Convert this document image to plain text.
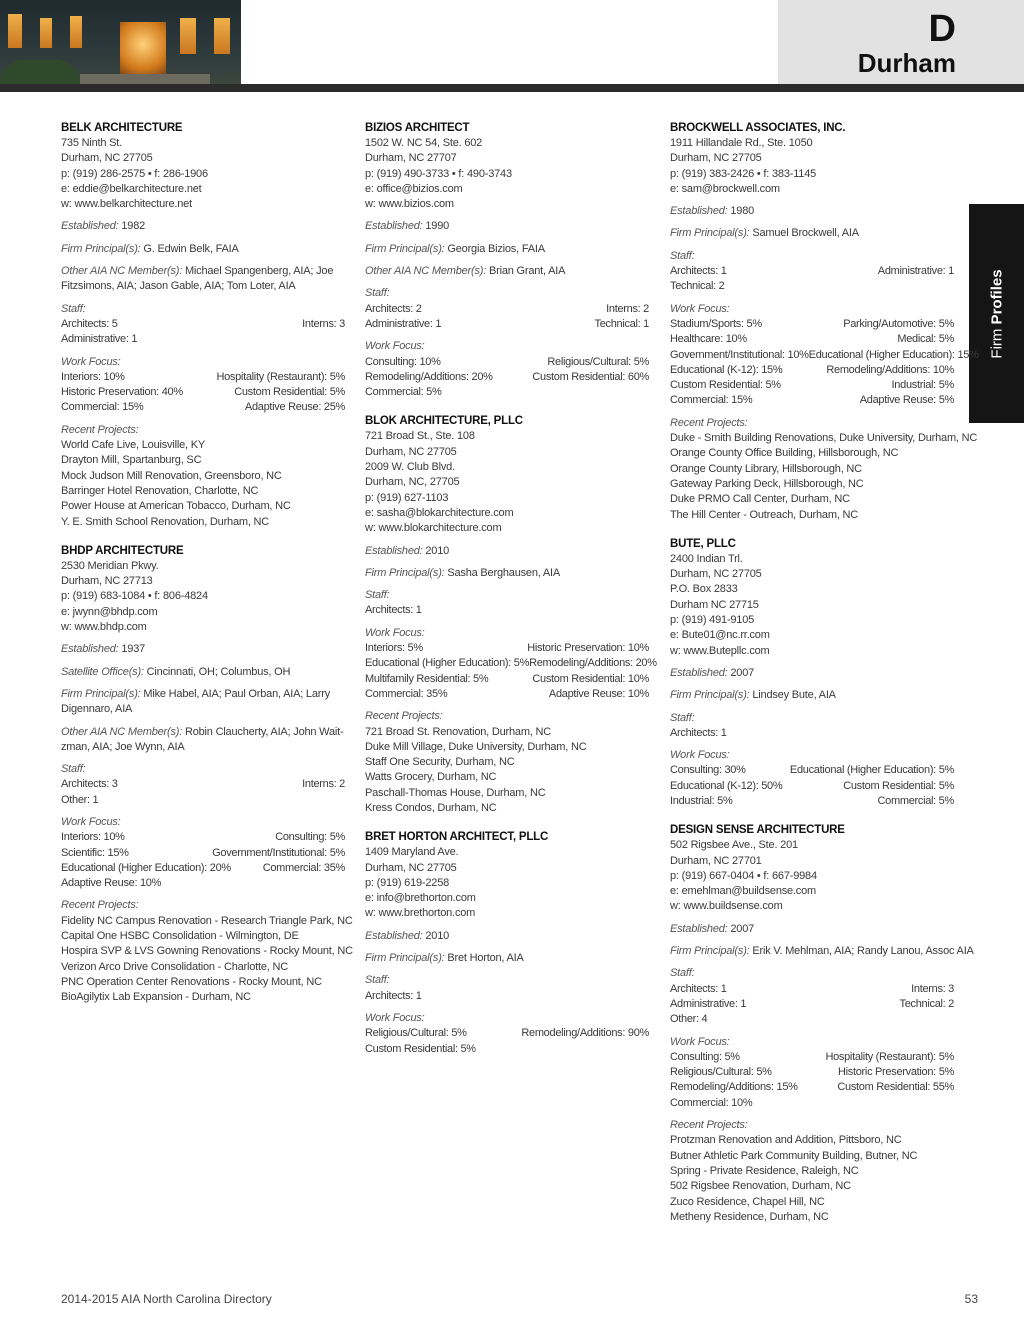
D
Durham
Firm Profiles
BELK ARCHITECTURE
735 Ninth St.
Durham, NC 27705
p: (919) 286-2575 • f: 286-1906
e: eddie@belkarchitecture.net
w: www.belkarchitecture.net
Established: 1982
Firm Principal(s): G. Edwin Belk, FAIA
Other AIA NC Member(s): Michael Spangenberg, AIA; Joe
Fitzsimons, AIA; Jason Gable, AIA; Tom Loter, AIA
Staff:
Architects: 5	Interns: 3
Administrative: 1
Work Focus:
Interiors: 10%	Hospitality (Restaurant): 5%
Historic Preservation: 40%	Custom Residential: 5%
Commercial: 15%	Adaptive Reuse: 25%
Recent Projects:
World Cafe Live, Louisville, KY
Drayton Mill, Spartanburg, SC
Mock Judson Mill Renovation, Greensboro, NC
Barringer Hotel Renovation, Charlotte, NC
Power House at American Tobacco, Durham, NC
Y. E. Smith School Renovation, Durham, NC
BHDP ARCHITECTURE
2530 Meridian Pkwy.
Durham, NC 27713
p: (919) 683-1084 • f: 806-4824
e: jwynn@bhdp.com
w: www.bhdp.com
Established: 1937
Satellite Office(s): Cincinnati, OH; Columbus, OH
Firm Principal(s): Mike Habel, AIA; Paul Orban, AIA; Larry
Digennaro, AIA
Other AIA NC Member(s): Robin Claucherty, AIA; John Wait-
zman, AIA; Joe Wynn, AIA
Staff:
Architects: 3	Interns: 2
Other: 1
Work Focus:
Interiors: 10%	Consulting: 5%
Scientific: 15%	Government/Institutional: 5%
Educational (Higher Education): 20%	Commercial: 35%
Adaptive Reuse: 10%
Recent Projects:
Fidelity NC Campus Renovation - Research Triangle Park, NC
Capital One HSBC Consolidation - Wilmington, DE
Hospira SVP & LVS Gowning Renovations - Rocky Mount, NC
Verizon Arco Drive Consolidation - Charlotte, NC
PNC Operation Center Renovations - Rocky Mount, NC
BioAgilytix Lab Expansion - Durham, NC
BIZIOS ARCHITECT
1502 W. NC 54, Ste. 602
Durham, NC 27707
p: (919) 490-3733 • f: 490-3743
e: office@bizios.com
w: www.bizios.com
Established: 1990
Firm Principal(s): Georgia Bizios, FAIA
Other AIA NC Member(s): Brian Grant, AIA
Staff:
Architects: 2	Interns: 2
Administrative: 1	Technical: 1
Work Focus:
Consulting: 10%	Religious/Cultural: 5%
Remodeling/Additions: 20%	Custom Residential: 60%
Commercial: 5%
BLOK ARCHITECTURE, PLLC
721 Broad St., Ste. 108
Durham, NC 27705
2009 W. Club Blvd.
Durham, NC, 27705
p: (919) 627-1103
e: sasha@blokarchitecture.com
w: www.blokarchitecture.com
Established: 2010
Firm Principal(s): Sasha Berghausen, AIA
Staff:
Architects: 1
Work Focus:
Interiors: 5%	Historic Preservation: 10%
Educational (Higher Education): 5% Remodeling/Additions: 20%
Multifamily Residential: 5%	Custom Residential: 10%
Commercial: 35%	Adaptive Reuse: 10%
Recent Projects:
721 Broad St. Renovation, Durham, NC
Duke Mill Village, Duke University, Durham, NC
Staff One Security, Durham, NC
Watts Grocery, Durham, NC
Paschall-Thomas House, Durham, NC
Kress Condos, Durham, NC
BRET HORTON ARCHITECT, PLLC
1409 Maryland Ave.
Durham, NC 27705
p: (919) 619-2258
e: info@brethorton.com
w: www.brethorton.com
Established: 2010
Firm Principal(s): Bret Horton, AIA
Staff:
Architects: 1
Work Focus:
Religious/Cultural: 5%	Remodeling/Additions: 90%
Custom Residential: 5%
BROCKWELL ASSOCIATES, INC.
1911 Hillandale Rd., Ste. 1050
Durham, NC 27705
p: (919) 383-2426 • f: 383-1145
e: sam@brockwell.com
Established: 1980
Firm Principal(s): Samuel Brockwell, AIA
Staff:
Architects: 1	Administrative: 1
Technical: 2
Work Focus:
Stadium/Sports: 5%	Parking/Automotive: 5%
Healthcare: 10%	Medical: 5%
Government/Institutional: 10% Educational (Higher Education): 15%
Educational (K-12): 15%	Remodeling/Additions: 10%
Custom Residential: 5%	Industrial: 5%
Commercial: 15%	Adaptive Reuse: 5%
Recent Projects:
Duke - Smith Building Renovations, Duke University, Durham, NC
Orange County Office Building, Hillsborough, NC
Orange County Library, Hillsborough, NC
Gateway Parking Deck, Hillsborough, NC
Duke PRMO Call Center, Durham, NC
The Hill Center - Outreach, Durham, NC
BUTE, PLLC
2400 Indian Trl.
Durham, NC 27705
P.O. Box 2833
Durham NC 27715
p: (919) 491-9105
e: Bute01@nc.rr.com
w: www.Butepllc.com
Established: 2007
Firm Principal(s): Lindsey Bute, AIA
Staff:
Architects: 1
Work Focus:
Consulting: 30%	Educational (Higher Education): 5%
Educational (K-12): 50%	Custom Residential: 5%
Industrial: 5%	Commercial: 5%
DESIGN SENSE ARCHITECTURE
502 Rigsbee Ave., Ste. 201
Durham, NC 27701
p: (919) 667-0404 • f: 667-9984
e: emehlman@buildsense.com
w: www.buildsense.com
Established: 2007
Firm Principal(s): Erik V. Mehlman, AIA; Randy Lanou, Assoc AIA
Staff:
Architects: 1	Interns: 3
Administrative: 1	Technical: 2
Other: 4
Work Focus:
Consulting: 5%	Hospitality (Restaurant): 5%
Religious/Cultural: 5%	Historic Preservation: 5%
Remodeling/Additions: 15%	Custom Residential: 55%
Commercial: 10%
Recent Projects:
Protzman Renovation and Addition, Pittsboro, NC
Butner Athletic Park Community Building, Butner, NC
Spring - Private Residence, Raleigh, NC
502 Rigsbee Renovation, Durham, NC
Zuco Residence, Chapel Hill, NC
Metheny Residence, Durham, NC
2014-2015 AIA North Carolina Directory	53
